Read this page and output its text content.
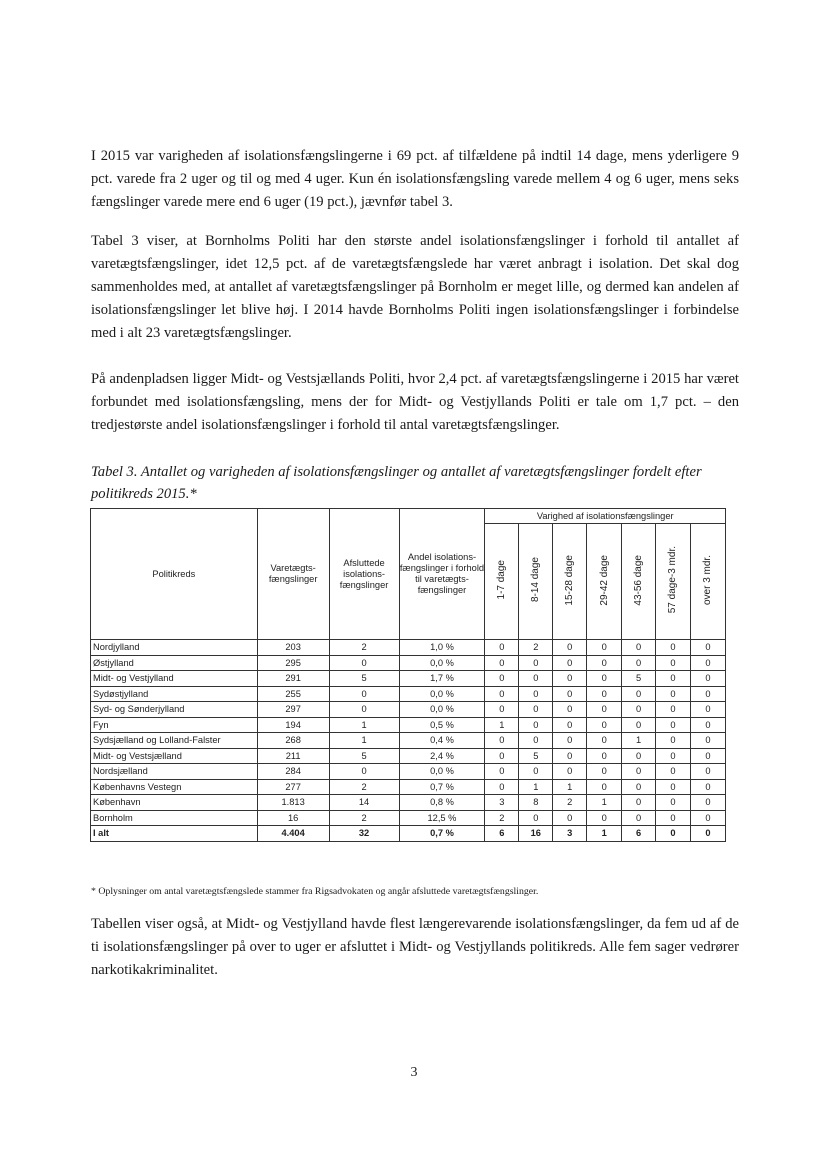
I 2015 var varigheden af isolationsfængslingerne i 69 pct. af tilfældene på indtil 14 dage, mens yderligere 9 pct. varede fra 2 uger og til og med 4 uger. Kun én isolationsfængsling varede mellem 4 og 6 uger, mens seks fængslinger varede mere end 6 uger (19 pct.), jævnfør tabel 3.

Tabel 3 viser, at Bornholms Politi har den største andel isolationsfængslinger i forhold til antallet af varetægtsfængslinger, idet 12,5 pct. af de varetægtsfængslede har været anbragt i isolation. Det skal dog sammenholdes med, at antallet af varetægtsfængslinger på Bornholm er meget lille, og dermed kan andelen af isolationsfængslinger let blive høj. I 2014 havde Bornholms Politi ingen isolationsfængslinger i forbindelse med i alt 23 varetægtsfængslinger.

På andenpladsen ligger Midt- og Vestsjællands Politi, hvor 2,4 pct. af varetægtsfængslingerne i 2015 har været forbundet med isolationsfængsling, mens der for Midt- og Vestjyllands Politi er tale om 1,7 pct. – den tredjestørste andel isolationsfængslinger i forhold til antal varetægtsfængslinger.

Tabel 3. Antallet og varigheden af isolationsfængslinger og antallet af varetægtsfængslinger fordelt efter politikreds 2015.*

Politikreds	Varetægts-fængslinger	Afsluttede isolations-fængslinger	Andel isolations-fængslinger i forhold til varetægts-fængslinger	Varighed af isolationsfængslinger						
				1-7 dage	8-14 dage	15-28 dage	29-42 dage	43-56 dage	57 dage-3 mdr.	over 3 mdr.
Nordjylland	203	2	1,0 %	0	2	0	0	0	0	0
Østjylland	295	0	0,0 %	0	0	0	0	0	0	0
Midt- og Vestjylland	291	5	1,7 %	0	0	0	0	5	0	0
Sydøstjylland	255	0	0,0 %	0	0	0	0	0	0	0
Syd- og Sønderjylland	297	0	0,0 %	0	0	0	0	0	0	0
Fyn	194	1	0,5 %	1	0	0	0	0	0	0
Sydsjælland og Lolland-Falster	268	1	0,4 %	0	0	0	0	1	0	0
Midt- og Vestsjælland	211	5	2,4 %	0	5	0	0	0	0	0
Nordsjælland	284	0	0,0 %	0	0	0	0	0	0	0
Københavns Vestegn	277	2	0,7 %	0	1	1	0	0	0	0
København	1.813	14	0,8 %	3	8	2	1	0	0	0
Bornholm	16	2	12,5 %	2	0	0	0	0	0	0
I alt	4.404	32	0,7 %	6	16	3	1	6	0	0

* Oplysninger om antal varetægtsfængslede stammer fra Rigsadvokaten og angår afsluttede varetægtsfængslinger.

Tabellen viser også, at Midt- og Vestjylland havde flest længerevarende isolationsfængslinger, da fem ud af de ti isolationsfængslinger på over to uger er afsluttet i Midt- og Vestjyllands politikreds. Alle fem sager vedrører narkotikakriminalitet.

3
